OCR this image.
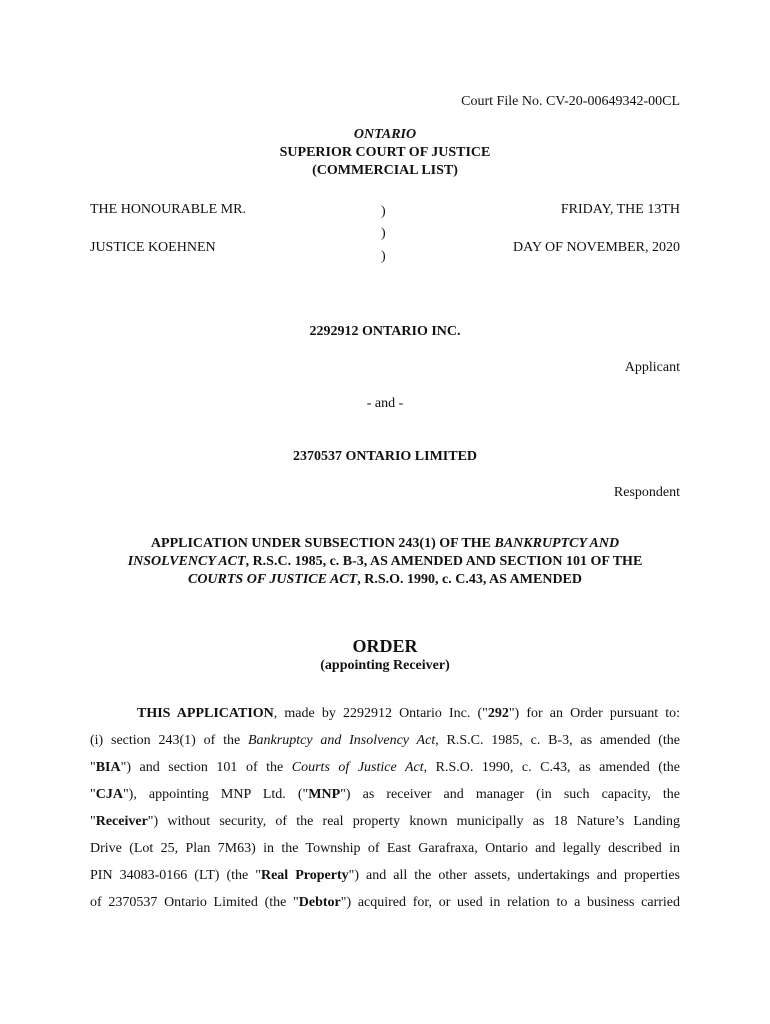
Court File No. CV-20-00649342-00CL
ONTARIO
SUPERIOR COURT OF JUSTICE
(COMMERCIAL LIST)
THE HONOURABLE MR.
JUSTICE KOEHNEN
)
)
)
FRIDAY, THE 13TH
DAY OF NOVEMBER, 2020
2292912 ONTARIO INC.
Applicant
- and -
2370537 ONTARIO LIMITED
Respondent
APPLICATION UNDER SUBSECTION 243(1) OF THE BANKRUPTCY AND
INSOLVENCY ACT, R.S.C. 1985, c. B-3, AS AMENDED AND SECTION 101 OF THE
COURTS OF JUSTICE ACT, R.S.O. 1990, c. C.43, AS AMENDED
ORDER
(appointing Receiver)
THIS APPLICATION, made by 2292912 Ontario Inc. ("292") for an Order pursuant to:
(i) section 243(1) of the Bankruptcy and Insolvency Act, R.S.C. 1985, c. B-3, as amended (the
"BIA") and section 101 of the Courts of Justice Act, R.S.O. 1990, c. C.43, as amended (the
"CJA"), appointing MNP Ltd. ("MNP") as receiver and manager (in such capacity, the
"Receiver") without security, of the real property known municipally as 18 Nature’s Landing
Drive (Lot 25, Plan 7M63) in the Township of East Garafraxa, Ontario and legally described in
PIN 34083-0166 (LT) (the "Real Property") and all the other assets, undertakings and properties
of 2370537 Ontario Limited (the "Debtor") acquired for, or used in relation to a business carried
